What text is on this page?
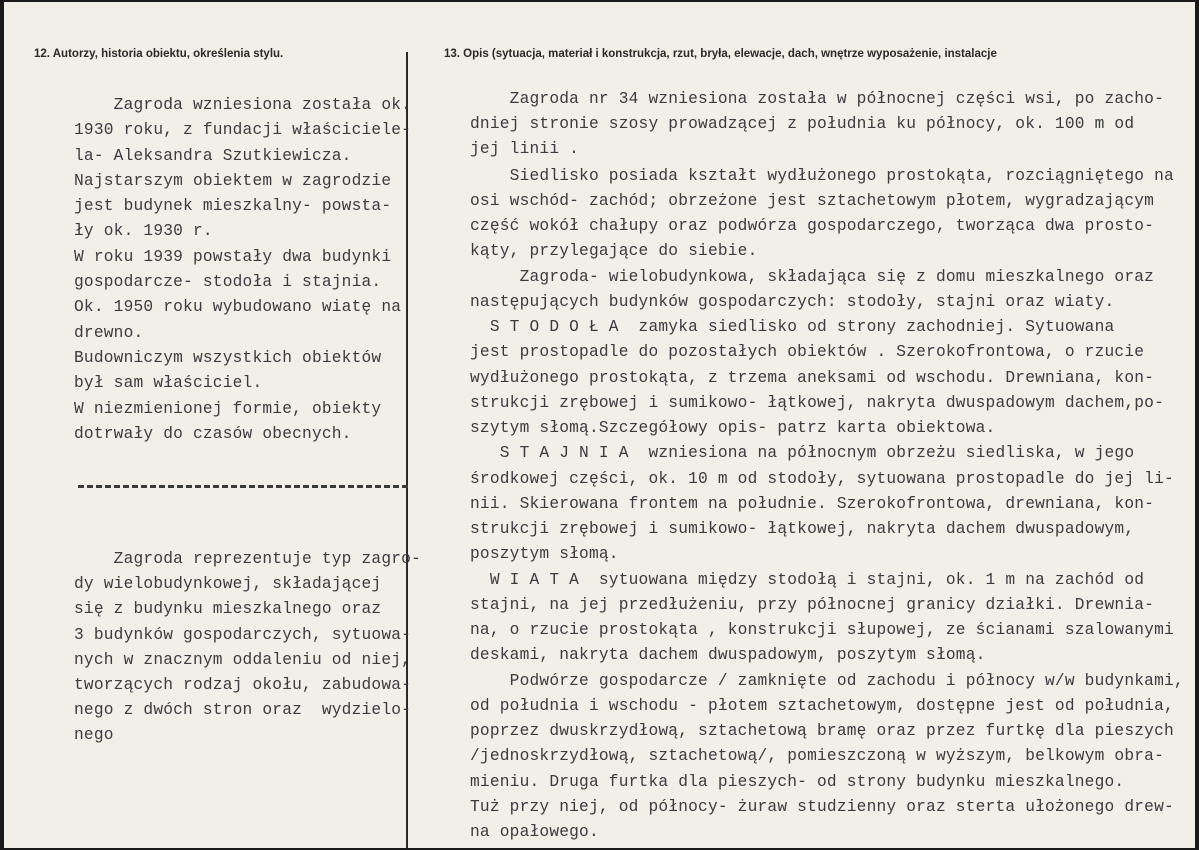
12. Autorzy, historia obiektu, określenia stylu.	13. Opis (sytuacja, materiał i konstrukcja, rzut, bryła, elewacje, dach, wnętrze wyposażenie, instalacje
Zagroda wzniesiona została ok.
1930 roku, z fundacji właściciele-
la- Aleksandra Szutkiewicza.
Najstarszym obiektem w zagrodzie
jest budynek mieszkalny- powsta-
ły ok. 1930 r.
W roku 1939 powstały dwa budynki
gospodarcze- stodoła i stajnia.
Ok. 1950 roku wybudowano wiatę na
drewno.
Budowniczym wszystkich obiektów
był sam właściciel.
W niezmienionej formie, obiekty
dotrwały do czasów obecnych.
Zagroda reprezentuje typ zagro-
dy wielobudynkowej, składającej
się z budynku mieszkalnego oraz
3 budynków gospodarczych, sytuowa-
nych w znacznym oddaleniu od niej,
tworzących rodzaj okołu, zabudowa-
nego z dwóch stron oraz  wydzielo-
nego
Zagroda nr 34 wzniesiona została w północnej części wsi, po zacho-
dniej stronie szosy prowadzącej z południa ku północy, ok. 100 m od
jej linii .
Siedlisko posiada kształt wydłużonego prostokąta, rozciągniętego na
osi wschód- zachód; obrzeżone jest sztachetowym płotem, wygradzającym
część wokół chałupy oraz podwórza gospodarczego, tworząca dwa prosto-
kąty, przylegające do siebie.
Zagroda- wielobudynkowa, składająca się z domu mieszkalnego oraz
następujących budynków gospodarczych: stodoły, stajni oraz wiaty.
S T O D O Ł A  zamyka siedlisko od strony zachodniej. Sytuowana
jest prostopadle do pozostałych obiektów . Szerokofrontowa, o rzucie
wydłużonego prostokąta, z trzema aneksami od wschodu. Drewniana, kon-
strukcji zrębowej i sumikowo- łątkowej, nakryta dwuspadowym dachem,po-
szytym słomą.Szczegółowy opis- patrz karta obiektowa.
S T A J N I A  wzniesiona na północnym obrzeżu siedliska, w jego
środkowej części, ok. 10 m od stodoły, sytuowana prostopadle do jej li-
nii. Skierowana frontem na południe. Szerokofrontowa, drewniana, kon-
strukcji zrębowej i sumikowo- łątkowej, nakryta dachem dwuspadowym,
poszytym słomą.
W I A T A  sytuowana między stodołą i stajni, ok. 1 m na zachód od
stajni, na jej przedłużeniu, przy północnej granicy działki. Drewnia-
na, o rzucie prostokąta , konstrukcji słupowej, ze ścianami szalowanymi
deskami, nakryta dachem dwuspadowym, poszytym słomą.
Podwórze gospodarcze / zamknięte od zachodu i północy w/w budynkami,
od południa i wschodu - płotem sztachetowym, dostępne jest od południa,
poprzez dwuskrzydłową, sztachetową bramę oraz przez furtkę dla pieszych
/jednoskrzydłową, sztachetową/, pomieszczoną w wyższym, belkowym obra-
mieniu. Druga furtka dla pieszych- od strony budynku mieszkalnego.
Tuż przy niej, od północy- żuraw studzienny oraz sterta ułożonego drew-
na opałowego.
